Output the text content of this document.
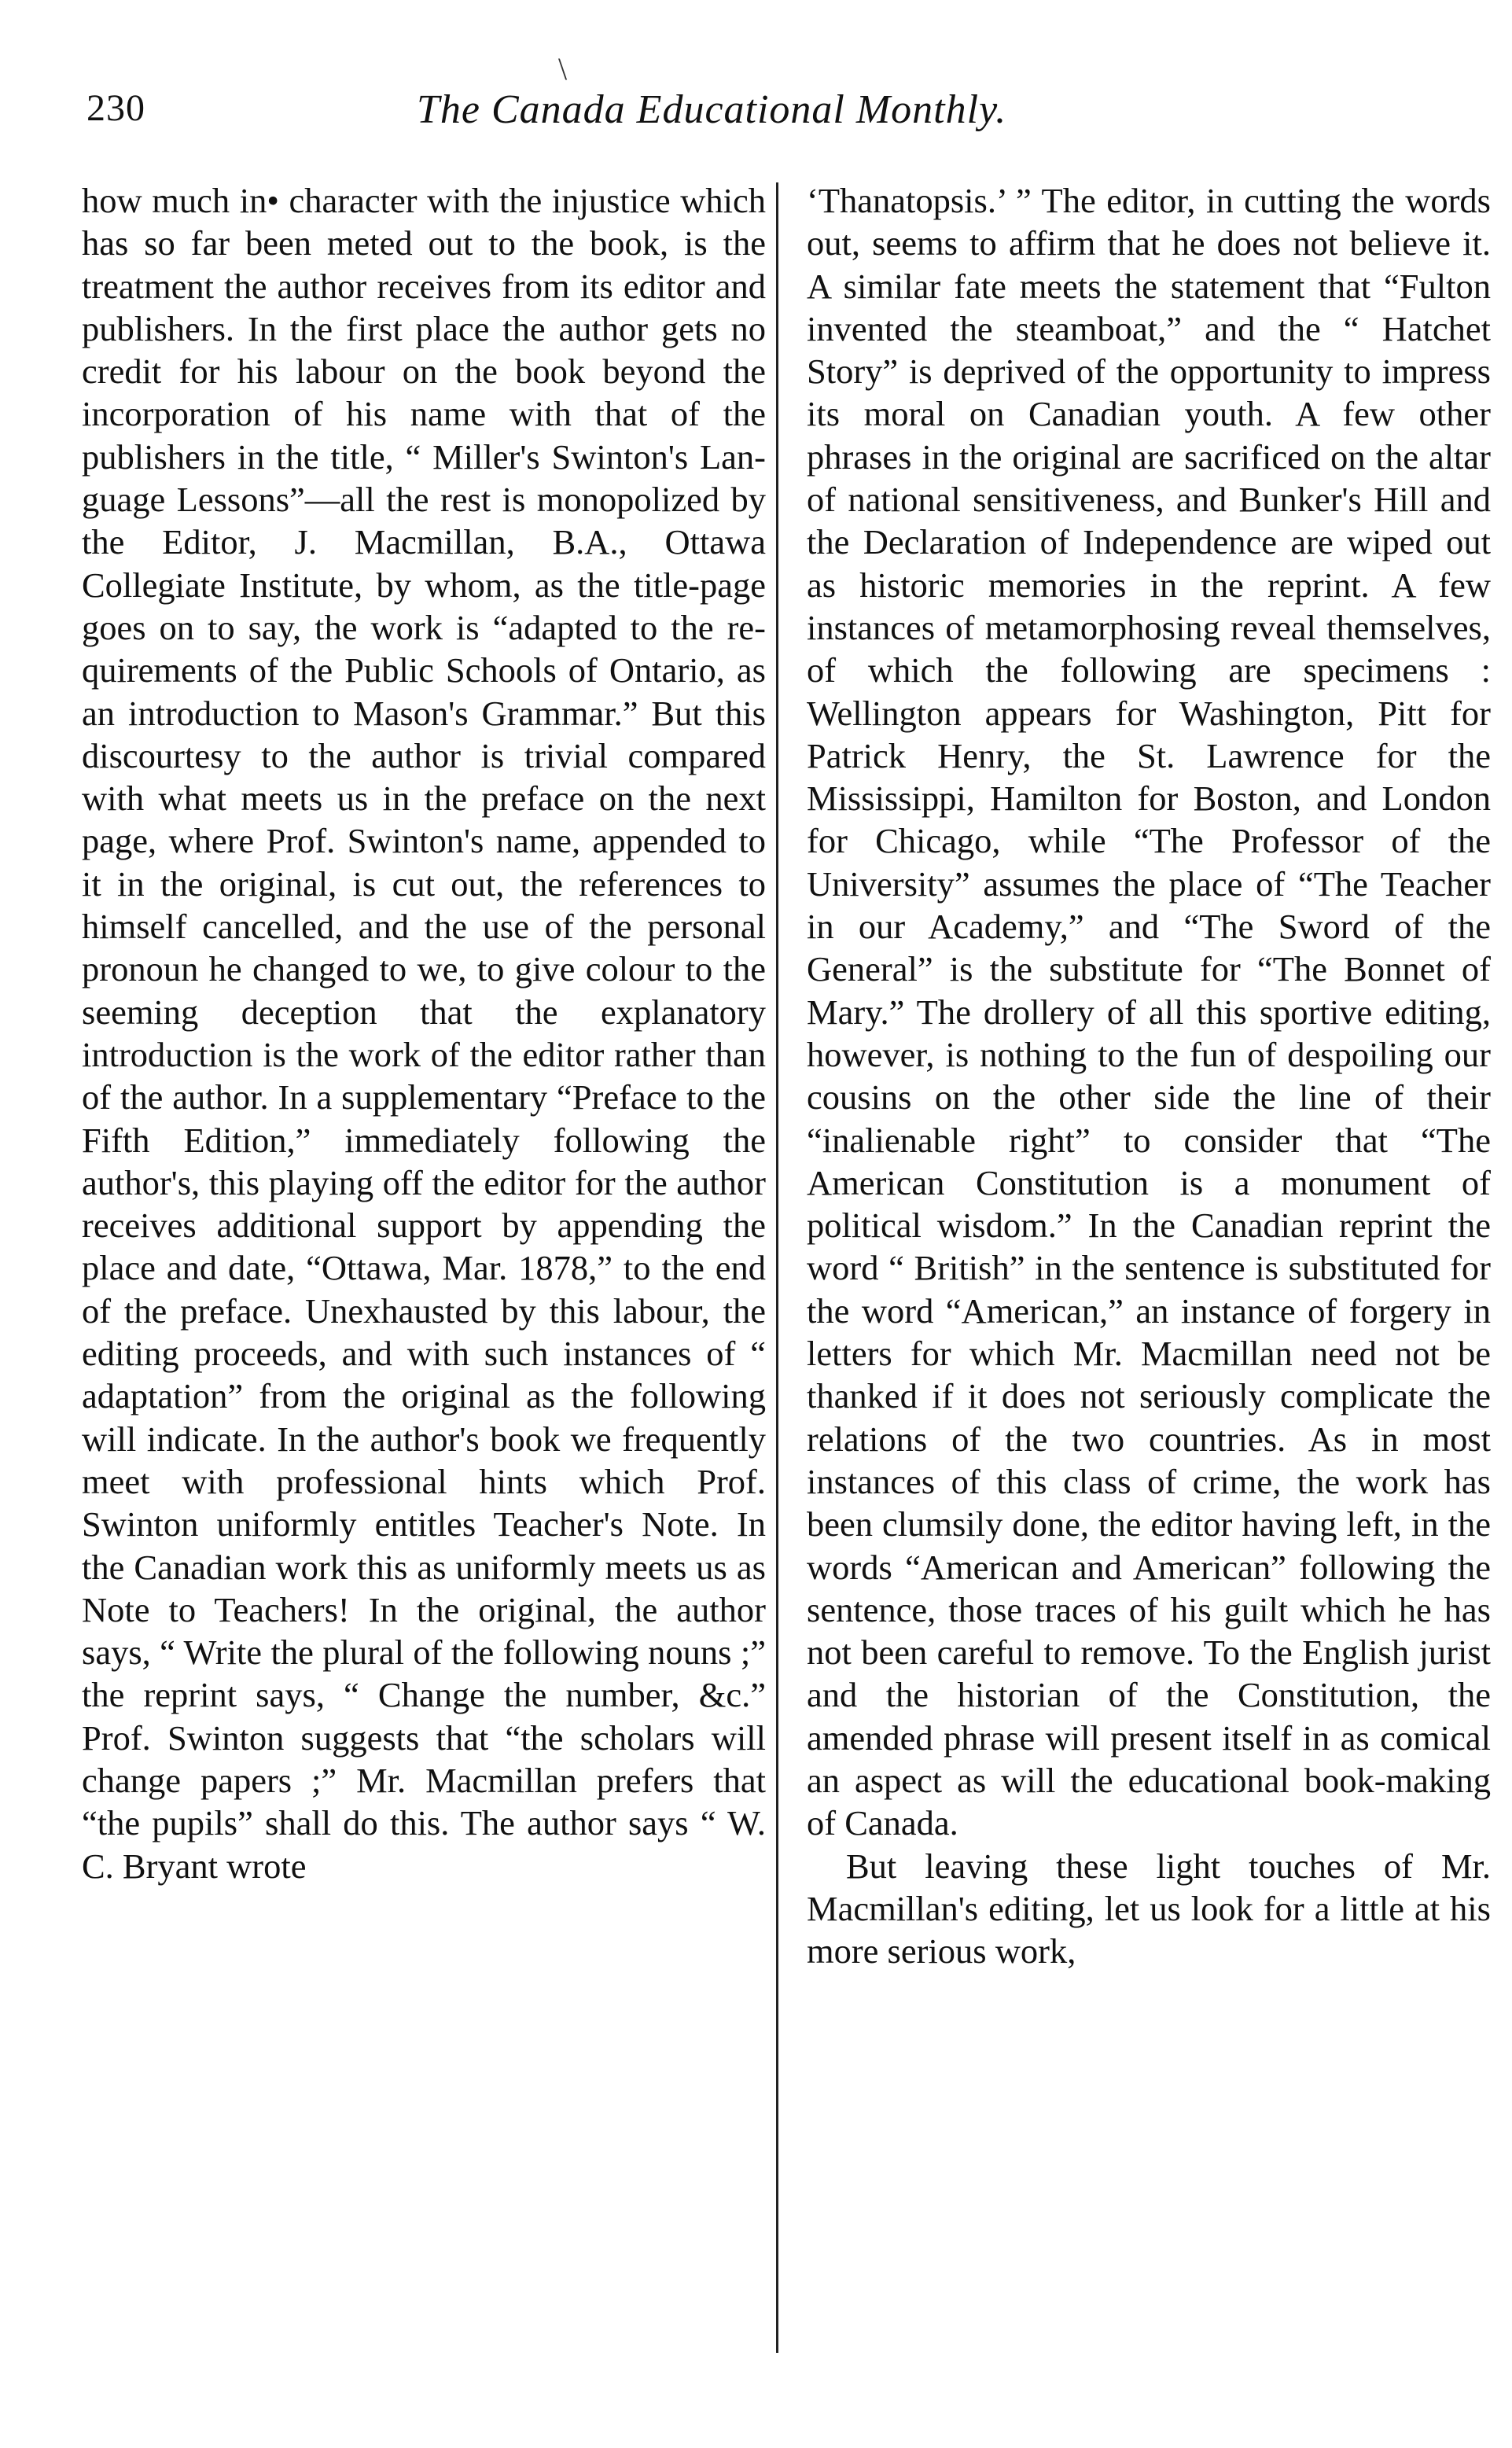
\
230	The Canada Educational Monthly.

how much in• character with the injustice which has so far been meted out to the book, is the treatment the author receives from its editor and publishers. In the first place the author gets no credit for his labour on the book beyond the incorporation of his name with that of the publishers in the title, “ Miller's Swinton's Language Lessons”—all the rest is monopolized by the Editor, J. Macmillan, B.A., Ottawa Collegiate Institute, by whom, as the title-page goes on to say, the work is “adapted to the requirements of the Public Schools of Ontario, as an introduction to Mason's Grammar.” But this discourtesy to the author is trivial compared with what meets us in the preface on the next page, where Prof. Swinton's name, appended to it in the original, is cut out, the references to himself cancelled, and the use of the personal pronoun he changed to we, to give colour to the seeming deception that the explanatory introduction is the work of the editor rather than of the author. In a supplementary “Preface to the Fifth Edition,” immediately following the author's, this playing off the editor for the author receives additional support by appending the place and date, “Ottawa, Mar. 1878,” to the end of the preface. Unexhausted by this labour, the editing proceeds, and with such instances of “ adaptation” from the original as the following will indicate. In the author's book we frequently meet with professional hints which Prof. Swinton uniformly entitles Teacher's Note. In the Canadian work this as uniformly meets us as Note to Teachers! In the original, the author says, “ Write the plural of the following nouns ;” the reprint says, “ Change the number, &c.” Prof. Swinton suggests that “the scholars will change papers ;” Mr. Macmillan prefers that “the pupils” shall do this. The author says “ W. C. Bryant wrote

‘Thanatopsis.’ ” The editor, in cutting the words out, seems to affirm that he does not believe it. A similar fate meets the statement that “Fulton invented the steamboat,” and the “ Hatchet Story” is deprived of the opportunity to impress its moral on Canadian youth. A few other phrases in the original are sacrificed on the altar of national sensitiveness, and Bunker's Hill and the Declaration of Independence are wiped out as historic memories in the reprint. A few instances of metamorphosing reveal themselves, of which the following are specimens : Wellington appears for Washington, Pitt for Patrick Henry, the St. Lawrence for the Mississippi, Hamilton for Boston, and London for Chicago, while “The Professor of the University” assumes the place of “The Teacher in our Academy,” and “The Sword of the General” is the substitute for “The Bonnet of Mary.” The drollery of all this sportive editing, however, is nothing to the fun of despoiling our cousins on the other side the line of their “inalienable right” to consider that “The American Constitution is a monument of political wisdom.” In the Canadian reprint the word “ British” in the sentence is substituted for the word “American,” an instance of forgery in letters for which Mr. Macmillan need not be thanked if it does not seriously complicate the relations of the two countries. As in most instances of this class of crime, the work has been clumsily done, the editor having left, in the words “American and American” following the sentence, those traces of his guilt which he has not been careful to remove. To the English jurist and the historian of the Constitution, the amended phrase will present itself in as comical an aspect as will the educational book-making of Canada.

But leaving these light touches of Mr. Macmillan's editing, let us look for a little at his more serious work,
